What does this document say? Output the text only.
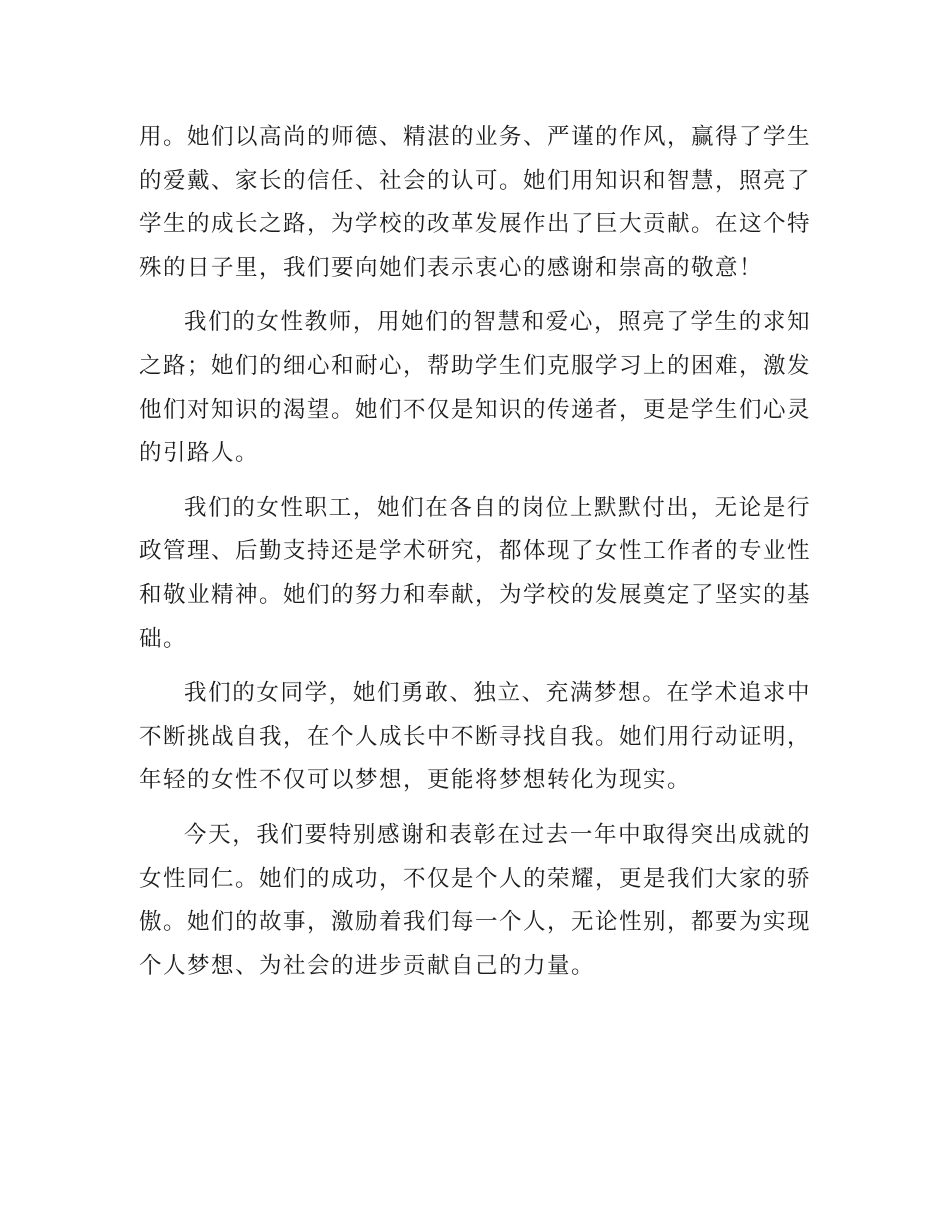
用。她们以高尚的师德、精湛的业务、严谨的作风，赢得了学生的爱戴、家长的信任、社会的认可。她们用知识和智慧，照亮了学生的成长之路，为学校的改革发展作出了巨大贡献。在这个特殊的日子里，我们要向她们表示衷心的感谢和崇高的敬意！

我们的女性教师，用她们的智慧和爱心，照亮了学生的求知之路；她们的细心和耐心，帮助学生们克服学习上的困难，激发他们对知识的渴望。她们不仅是知识的传递者，更是学生们心灵的引路人。

我们的女性职工，她们在各自的岗位上默默付出，无论是行政管理、后勤支持还是学术研究，都体现了女性工作者的专业性和敬业精神。她们的努力和奉献，为学校的发展奠定了坚实的基础。

我们的女同学，她们勇敢、独立、充满梦想。在学术追求中不断挑战自我，在个人成长中不断寻找自我。她们用行动证明，年轻的女性不仅可以梦想，更能将梦想转化为现实。

今天，我们要特别感谢和表彰在过去一年中取得突出成就的女性同仁。她们的成功，不仅是个人的荣耀，更是我们大家的骄傲。她们的故事，激励着我们每一个人，无论性别，都要为实现个人梦想、为社会的进步贡献自己的力量。
